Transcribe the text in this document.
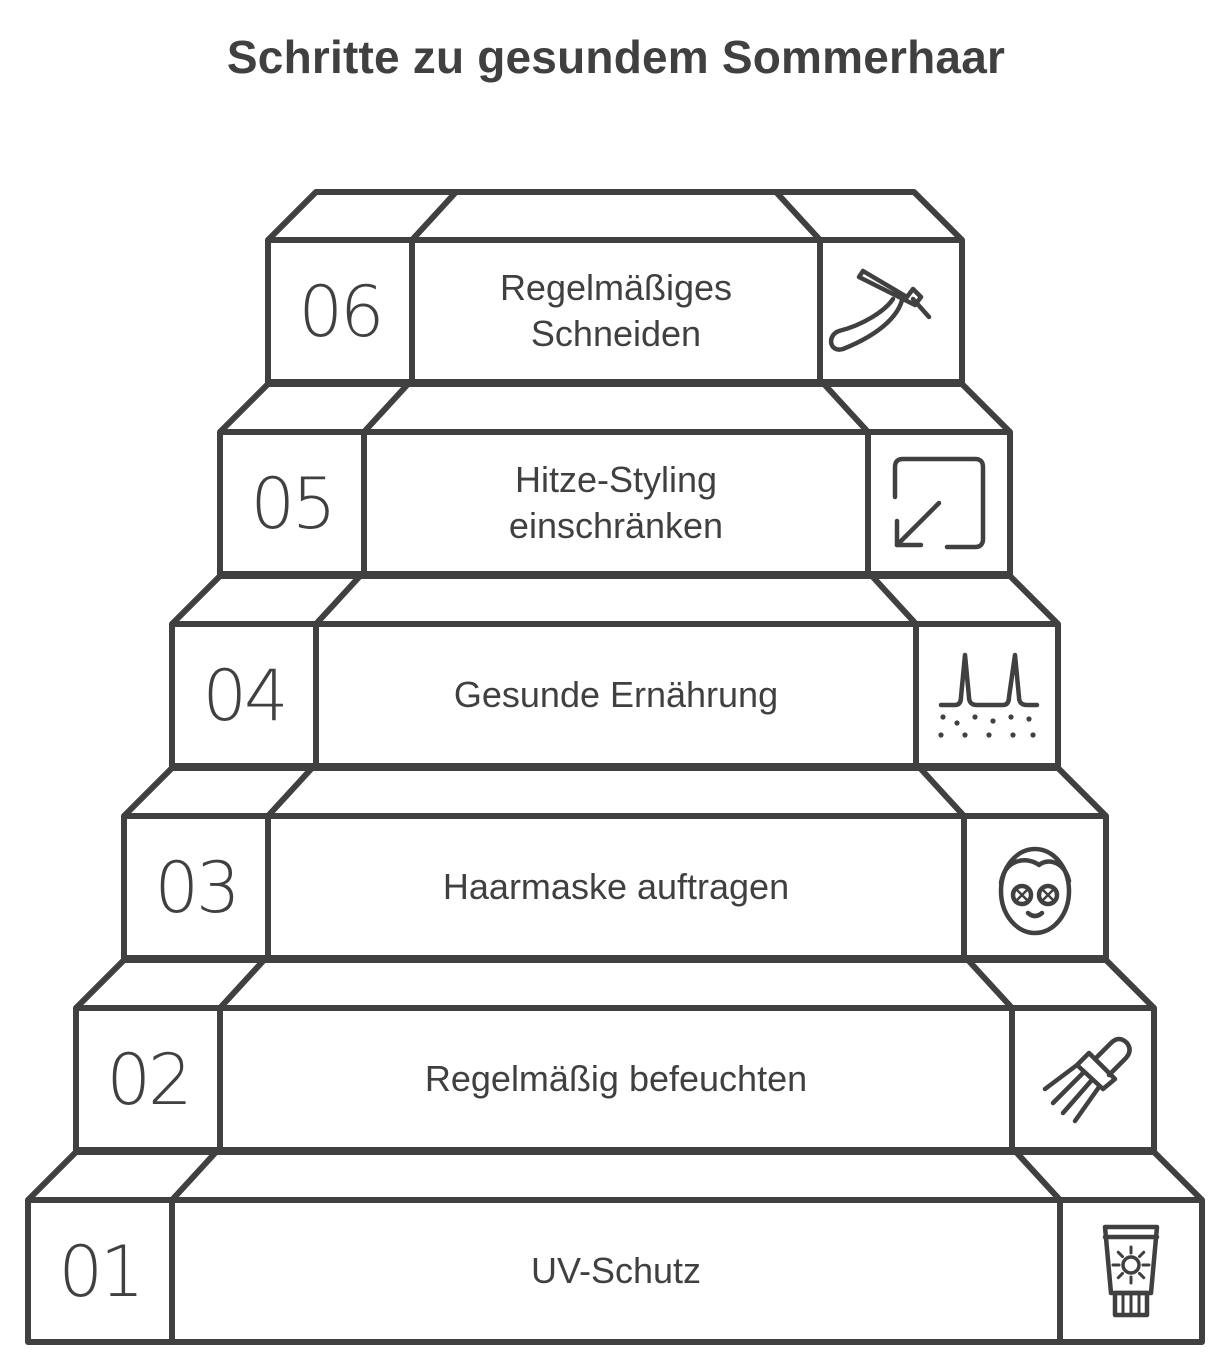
Schritte zu gesundem Sommerhaar
01	UV-Schutz
02	Regelmäßig befeuchten
03	Haarmaske auftragen
04	Gesunde Ernährung
05	Hitze-Styling
einschränken
06	Regelmäßiges
Schneiden
